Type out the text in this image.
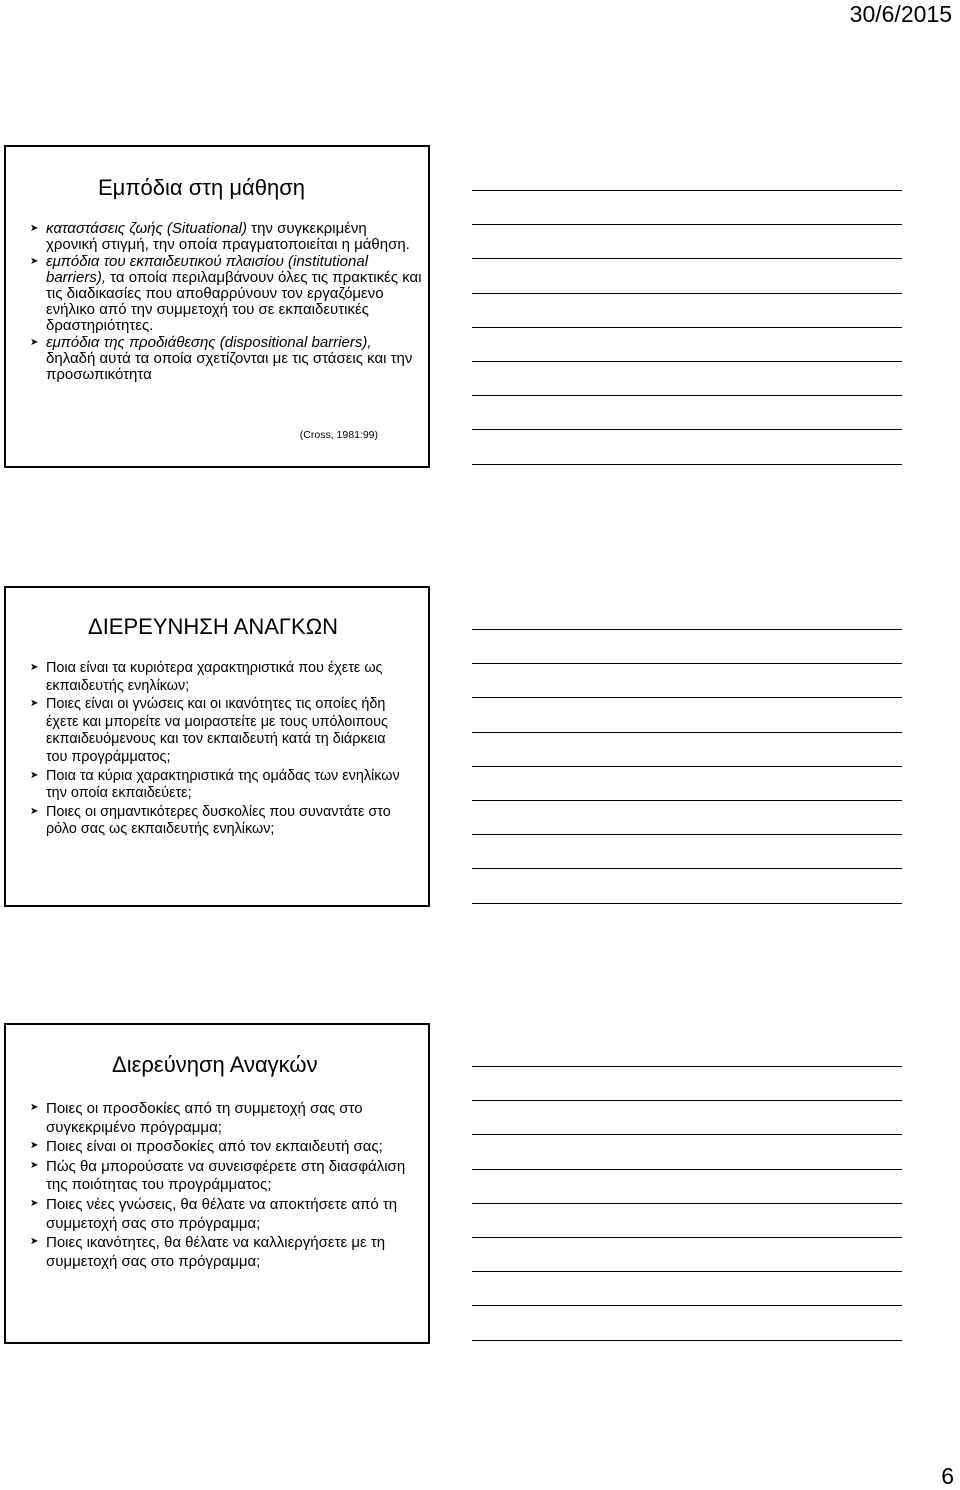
30/6/2015
Εμπόδια στη μάθηση
➤ καταστάσεις ζωής (Situational) την συγκεκριμένη χρονική στιγμή, την οποία πραγματοποιείται η μάθηση.
➤ εμπόδια του εκπαιδευτικού πλαισίου (institutional barriers), τα οποία περιλαμβάνουν όλες τις πρακτικές και τις διαδικασίες που αποθαρρύνουν τον εργαζόμενο ενήλικο από την συμμετοχή του σε εκπαιδευτικές δραστηριότητες.
➤ εμπόδια της προδιάθεσης (dispositional barriers), δηλαδή αυτά τα οποία σχετίζονται με τις στάσεις και την προσωπικότητα
(Cross, 1981:99)
ΔΙΕΡΕΥΝΗΣΗ ΑΝΑΓΚΩΝ
➤ Ποια είναι τα κυριότερα χαρακτηριστικά που έχετε ως εκπαιδευτής ενηλίκων;
➤ Ποιες είναι οι γνώσεις και οι ικανότητες τις οποίες ήδη έχετε και μπορείτε να μοιραστείτε με τους υπόλοιπους εκπαιδευόμενους και τον εκπαιδευτή κατά τη διάρκεια του προγράμματος;
➤ Ποια τα κύρια χαρακτηριστικά της ομάδας των ενηλίκων την οποία εκπαιδεύετε;
➤ Ποιες οι σημαντικότερες δυσκολίες που συναντάτε στο ρόλο σας ως εκπαιδευτής ενηλίκων;
Διερεύνηση Αναγκών
➤ Ποιες οι προσδοκίες από τη συμμετοχή σας στο συγκεκριμένο πρόγραμμα;
➤ Ποιες είναι οι προσδοκίες από τον εκπαιδευτή σας;
➤ Πώς θα μπορούσατε να συνεισφέρετε στη διασφάλιση της ποιότητας του προγράμματος;
➤ Ποιες νέες γνώσεις, θα θέλατε να αποκτήσετε από τη συμμετοχή σας στο πρόγραμμα;
➤ Ποιες ικανότητες, θα θέλατε να καλλιεργήσετε με τη συμμετοχή σας στο πρόγραμμα;
6
